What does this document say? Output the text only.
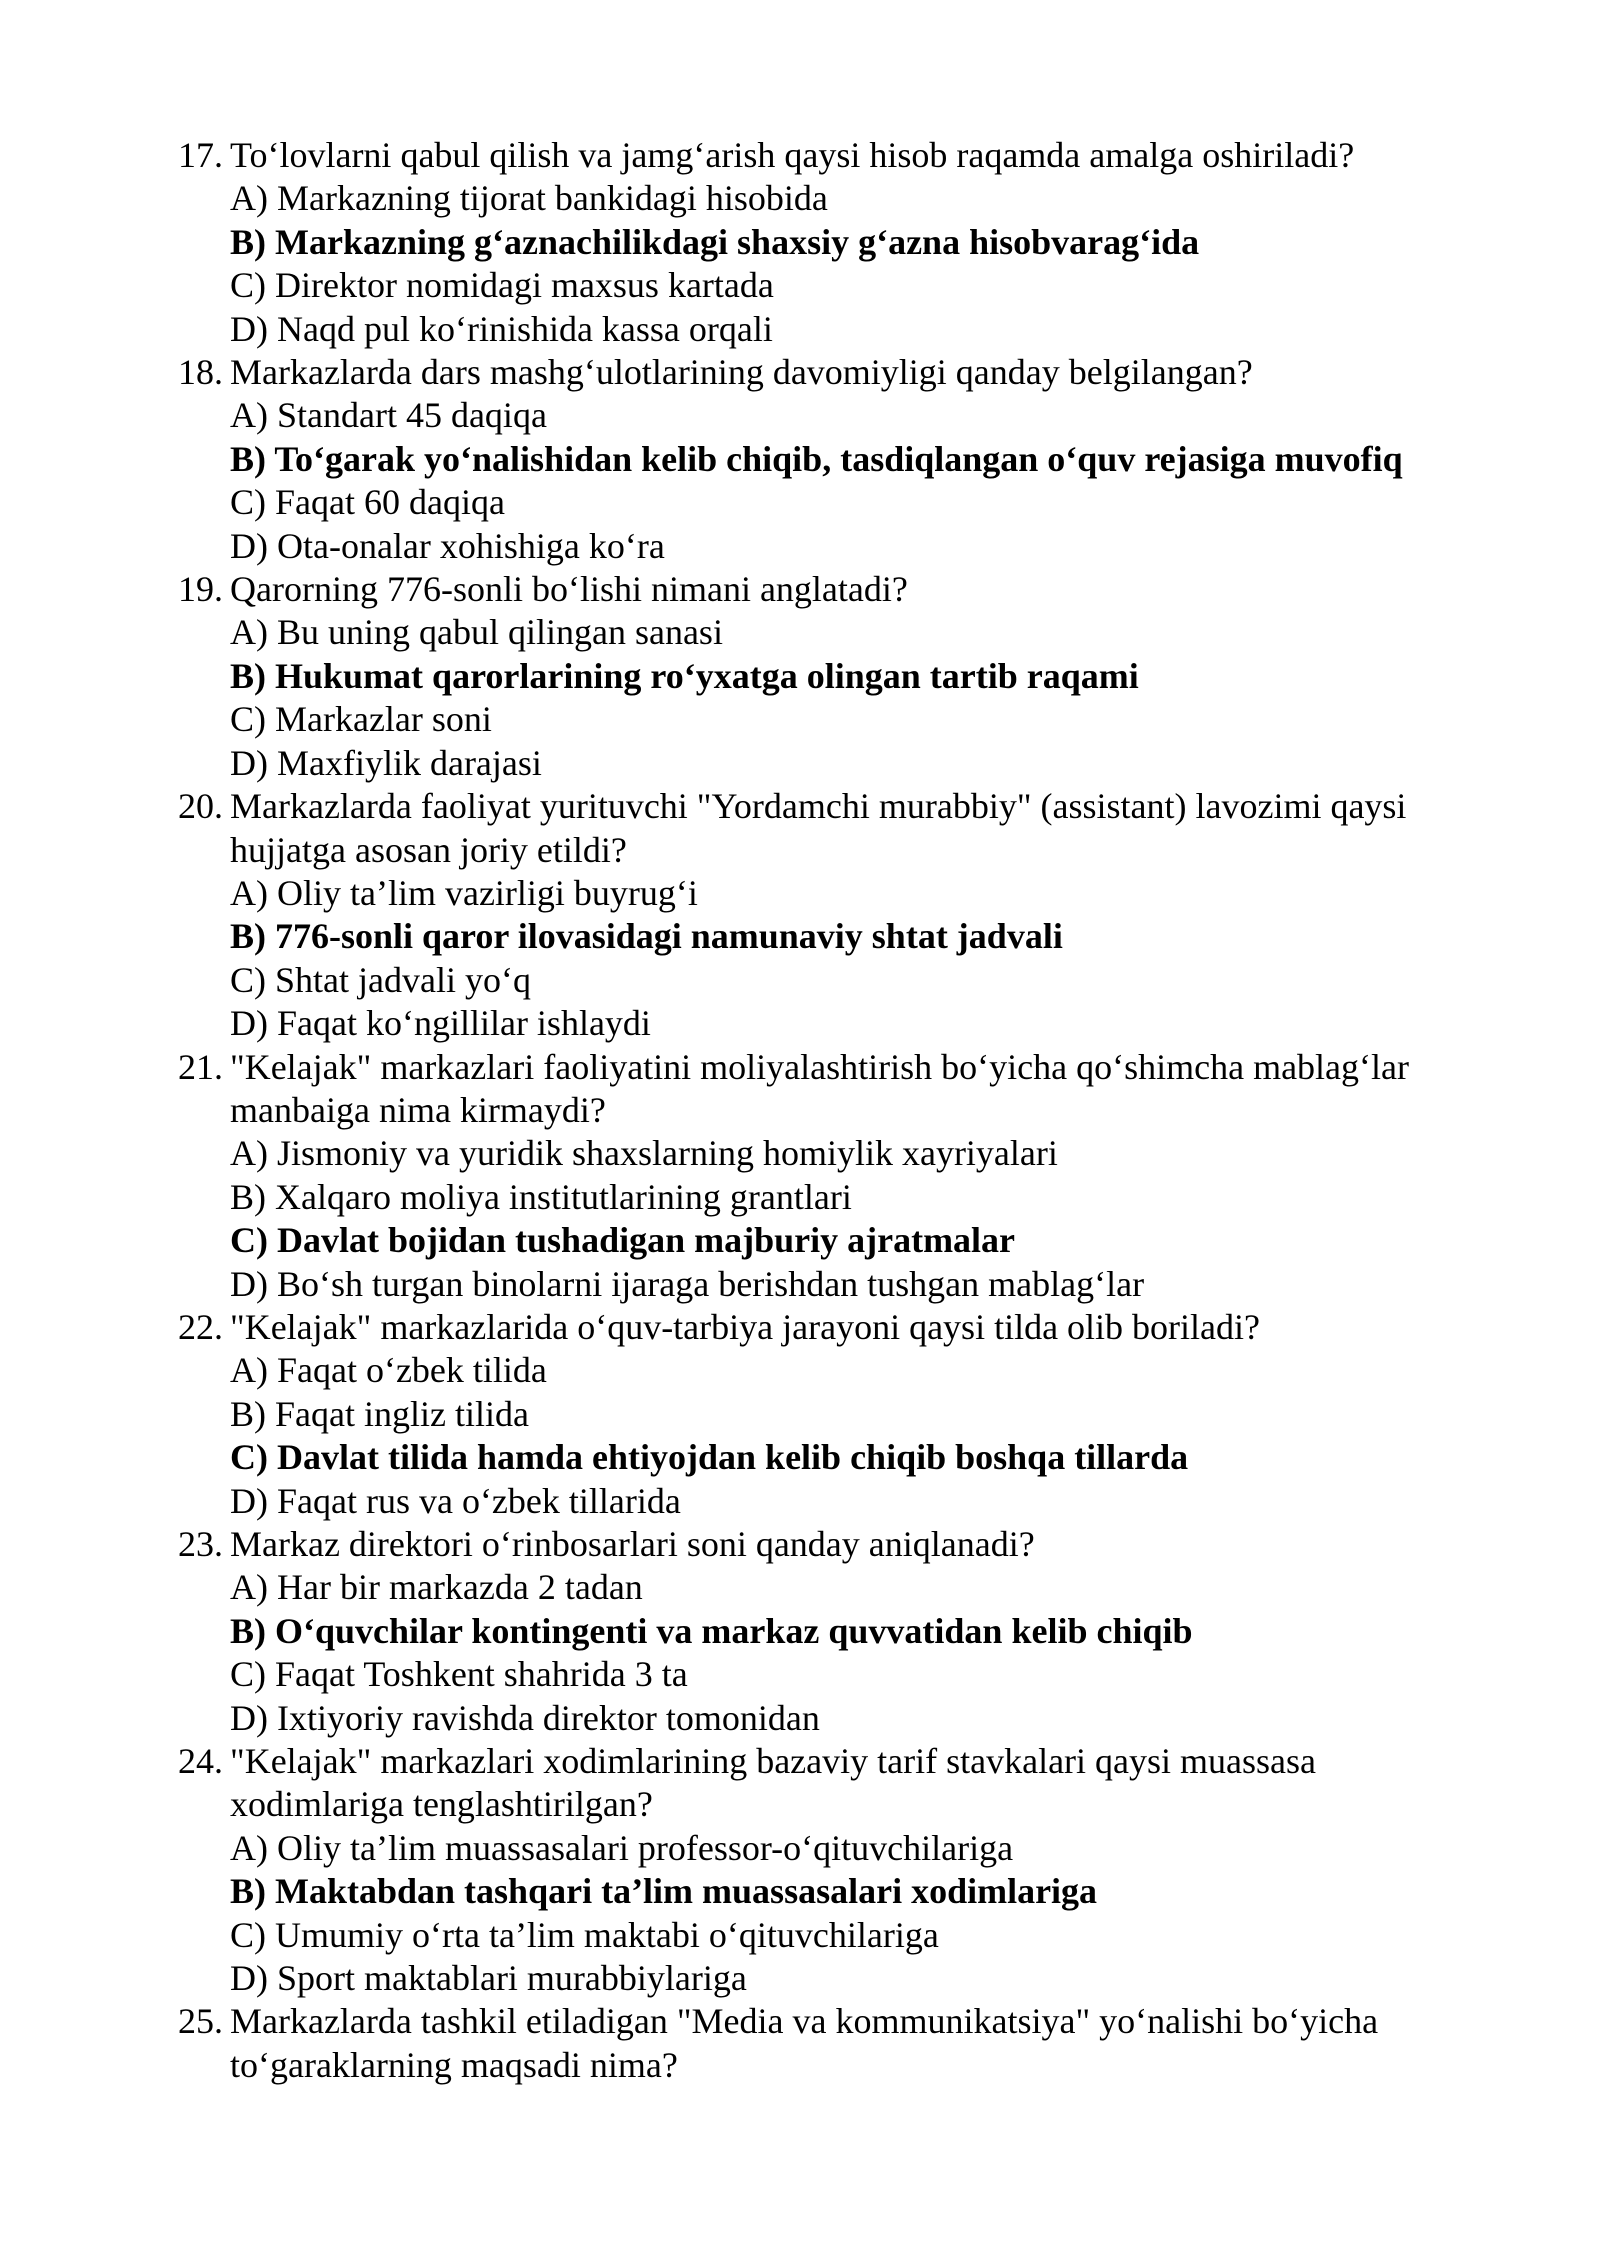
17. To‘lovlarni qabul qilish va jamg‘arish qaysi hisob raqamda amalga oshiriladi?
A) Markazning tijorat bankidagi hisobida
B) Markazning g‘aznachilikdagi shaxsiy g‘azna hisobvarag‘ida
C) Direktor nomidagi maxsus kartada
D) Naqd pul ko‘rinishida kassa orqali
18. Markazlarda dars mashg‘ulotlarining davomiyligi qanday belgilangan?
A) Standart 45 daqiqa
B) To‘garak yo‘nalishidan kelib chiqib, tasdiqlangan o‘quv rejasiga muvofiq
C) Faqat 60 daqiqa
D) Ota-onalar xohishiga ko‘ra
19. Qarorning 776-sonli bo‘lishi nimani anglatadi?
A) Bu uning qabul qilingan sanasi
B) Hukumat qarorlarining ro‘yxatga olingan tartib raqami
C) Markazlar soni
D) Maxfiylik darajasi
20. Markazlarda faoliyat yurituvchi "Yordamchi murabbiy" (assistant) lavozimi qaysi hujjatga asosan joriy etildi?
A) Oliy ta’lim vazirligi buyrug‘i
B) 776-sonli qaror ilovasidagi namunaviy shtat jadvali
C) Shtat jadvali yo‘q
D) Faqat ko‘ngillilar ishlaydi
21. "Kelajak" markazlari faoliyatini moliyalashtirish bo‘yicha qo‘shimcha mablag‘lar manbaiga nima kirmaydi?
A) Jismoniy va yuridik shaxslarning homiylik xayriyalari
B) Xalqaro moliya institutlarining grantlari
C) Davlat bojidan tushadigan majburiy ajratmalar
D) Bo‘sh turgan binolarni ijaraga berishdan tushgan mablag‘lar
22. "Kelajak" markazlarida o‘quv-tarbiya jarayoni qaysi tilda olib boriladi?
A) Faqat o‘zbek tilida
B) Faqat ingliz tilida
C) Davlat tilida hamda ehtiyojdan kelib chiqib boshqa tillarda
D) Faqat rus va o‘zbek tillarida
23. Markaz direktori o‘rinbosarlari soni qanday aniqlanadi?
A) Har bir markazda 2 tadan
B) O‘quvchilar kontingenti va markaz quvvatidan kelib chiqib
C) Faqat Toshkent shahrida 3 ta
D) Ixtiyoriy ravishda direktor tomonidan
24. "Kelajak" markazlari xodimlarining bazaviy tarif stavkalari qaysi muassasa xodimlariga tenglashtirilgan?
A) Oliy ta’lim muassasalari professor-o‘qituvchilariga
B) Maktabdan tashqari ta’lim muassasalari xodimlariga
C) Umumiy o‘rta ta’lim maktabi o‘qituvchilariga
D) Sport maktablari murabbiylariga
25. Markazlarda tashkil etiladigan "Media va kommunikatsiya" yo‘nalishi bo‘yicha to‘garaklarning maqsadi nima?
